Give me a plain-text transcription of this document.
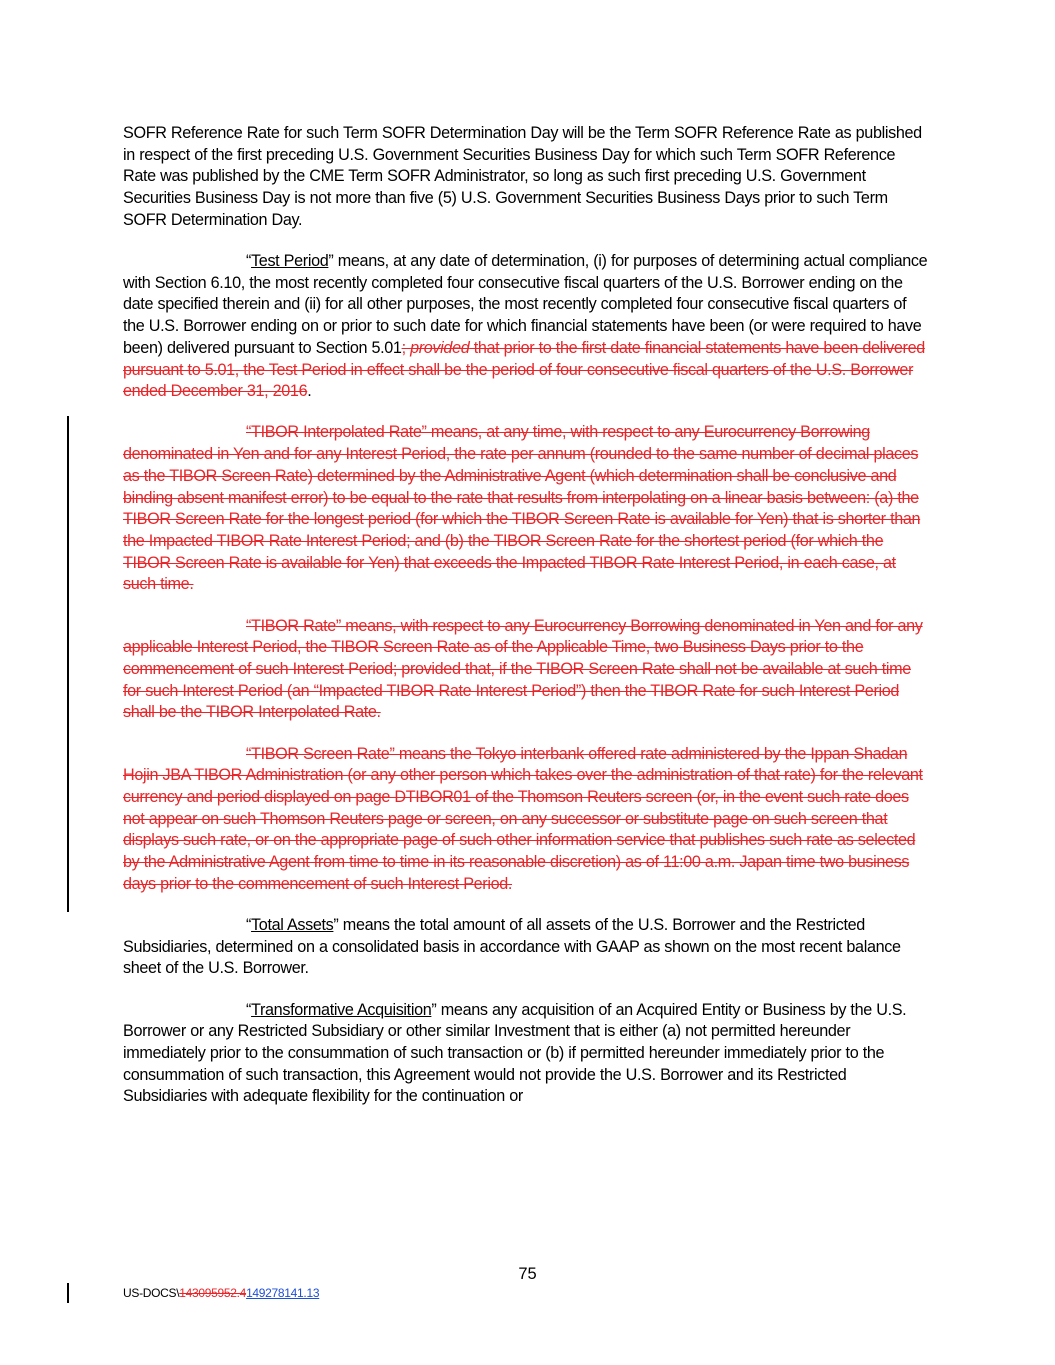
SOFR Reference Rate for such Term SOFR Determination Day will be the Term SOFR Reference Rate as published in respect of the first preceding U.S. Government Securities Business Day for which such Term SOFR Reference Rate was published by the CME Term SOFR Administrator, so long as such first preceding U.S. Government Securities Business Day is not more than five (5) U.S. Government Securities Business Days prior to such Term SOFR Determination Day.

“Test Period” means, at any date of determination, (i) for purposes of determining actual compliance with Section 6.10, the most recently completed four consecutive fiscal quarters of the U.S. Borrower ending on the date specified therein and (ii) for all other purposes, the most recently completed four consecutive fiscal quarters of the U.S. Borrower ending on or prior to such date for which financial statements have been (or were required to have been) delivered pursuant to Section 5.01; provided that prior to the first date financial statements have been delivered pursuant to 5.01, the Test Period in effect shall be the period of four consecutive fiscal quarters of the U.S. Borrower ended December 31, 2016.

“TIBOR Interpolated Rate” means, at any time, with respect to any Eurocurrency Borrowing denominated in Yen and for any Interest Period, the rate per annum (rounded to the same number of decimal places as the TIBOR Screen Rate) determined by the Administrative Agent (which determination shall be conclusive and binding absent manifest error) to be equal to the rate that results from interpolating on a linear basis between: (a) the TIBOR Screen Rate for the longest period (for which the TIBOR Screen Rate is available for Yen) that is shorter than the Impacted TIBOR Rate Interest Period; and (b) the TIBOR Screen Rate for the shortest period (for which the TIBOR Screen Rate is available for Yen) that exceeds the Impacted TIBOR Rate Interest Period, in each case, at such time.

“TIBOR Rate” means, with respect to any Eurocurrency Borrowing denominated in Yen and for any applicable Interest Period, the TIBOR Screen Rate as of the Applicable Time, two Business Days prior to the commencement of such Interest Period; provided that, if the TIBOR Screen Rate shall not be available at such time for such Interest Period (an “Impacted TIBOR Rate Interest Period”) then the TIBOR Rate for such Interest Period shall be the TIBOR Interpolated Rate.

“TIBOR Screen Rate” means the Tokyo interbank offered rate administered by the Ippan Shadan Hojin JBA TIBOR Administration (or any other person which takes over the administration of that rate) for the relevant currency and period displayed on page DTIBOR01 of the Thomson Reuters screen (or, in the event such rate does not appear on such Thomson Reuters page or screen, on any successor or substitute page on such screen that displays such rate, or on the appropriate page of such other information service that publishes such rate as selected by the Administrative Agent from time to time in its reasonable discretion) as of 11:00 a.m. Japan time two business days prior to the commencement of such Interest Period.

“Total Assets” means the total amount of all assets of the U.S. Borrower and the Restricted Subsidiaries, determined on a consolidated basis in accordance with GAAP as shown on the most recent balance sheet of the U.S. Borrower.

“Transformative Acquisition” means any acquisition of an Acquired Entity or Business by the U.S. Borrower or any Restricted Subsidiary or other similar Investment that is either (a) not permitted hereunder immediately prior to the consummation of such transaction or (b) if permitted hereunder immediately prior to the consummation of such transaction, this Agreement would not provide the U.S. Borrower and its Restricted Subsidiaries with adequate flexibility for the continuation or

75
US-DOCS\143095952.4149278141.13
